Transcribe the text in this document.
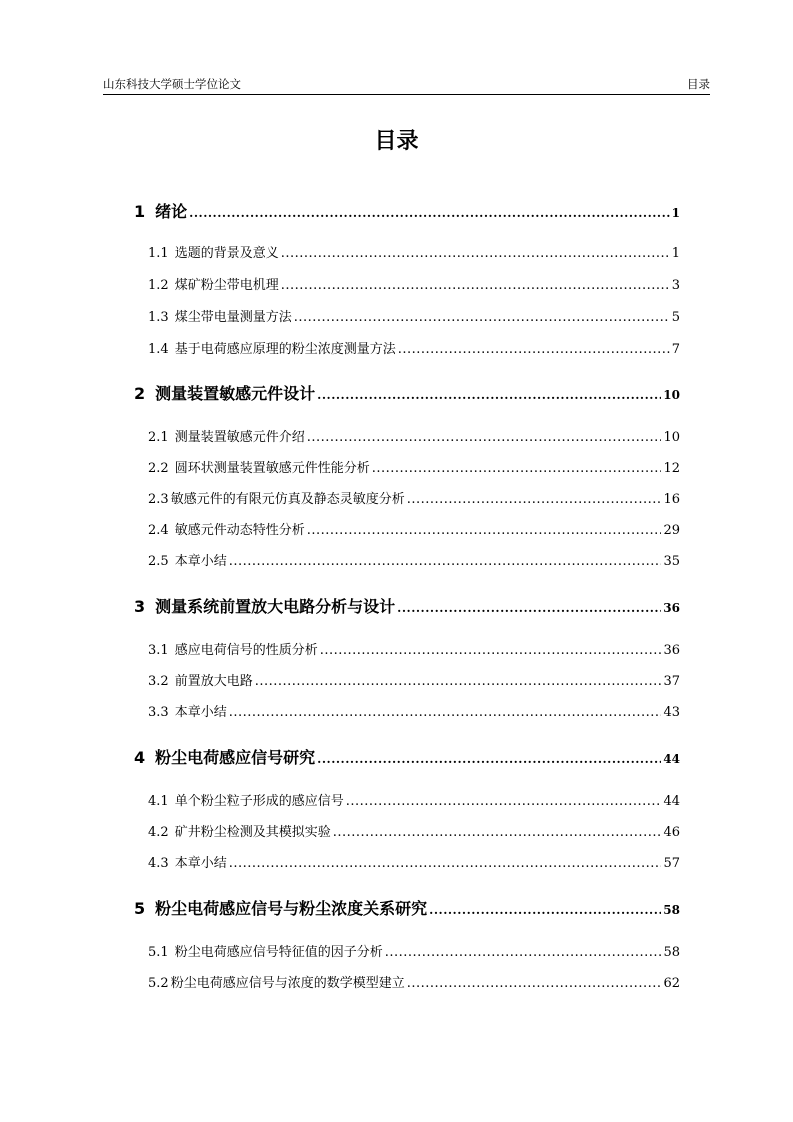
山东科技大学硕士学位论文	目录
目录
1 绪论 .....	1
1.1 选题的背景及意义 .....	1
1.2 煤矿粉尘带电机理 .....	3
1.3 煤尘带电量测量方法 .....	5
1.4 基于电荷感应原理的粉尘浓度测量方法 .....	7
2 测量装置敏感元件设计 .....	10
2.1 测量装置敏感元件介绍 .....	10
2.2 圆环状测量装置敏感元件性能分析 .....	12
2.3 敏感元件的有限元仿真及静态灵敏度分析 .....	16
2.4 敏感元件动态特性分析 .....	29
2.5 本章小结 .....	35
3 测量系统前置放大电路分析与设计 .....	36
3.1 感应电荷信号的性质分析 .....	36
3.2 前置放大电路 .....	37
3.3 本章小结 .....	43
4 粉尘电荷感应信号研究 .....	44
4.1 单个粉尘粒子形成的感应信号 .....	44
4.2 矿井粉尘检测及其模拟实验 .....	46
4.3 本章小结 .....	57
5 粉尘电荷感应信号与粉尘浓度关系研究 .....	58
5.1 粉尘电荷感应信号特征值的因子分析 .....	58
5.2 粉尘电荷感应信号与浓度的数学模型建立 .....	62
